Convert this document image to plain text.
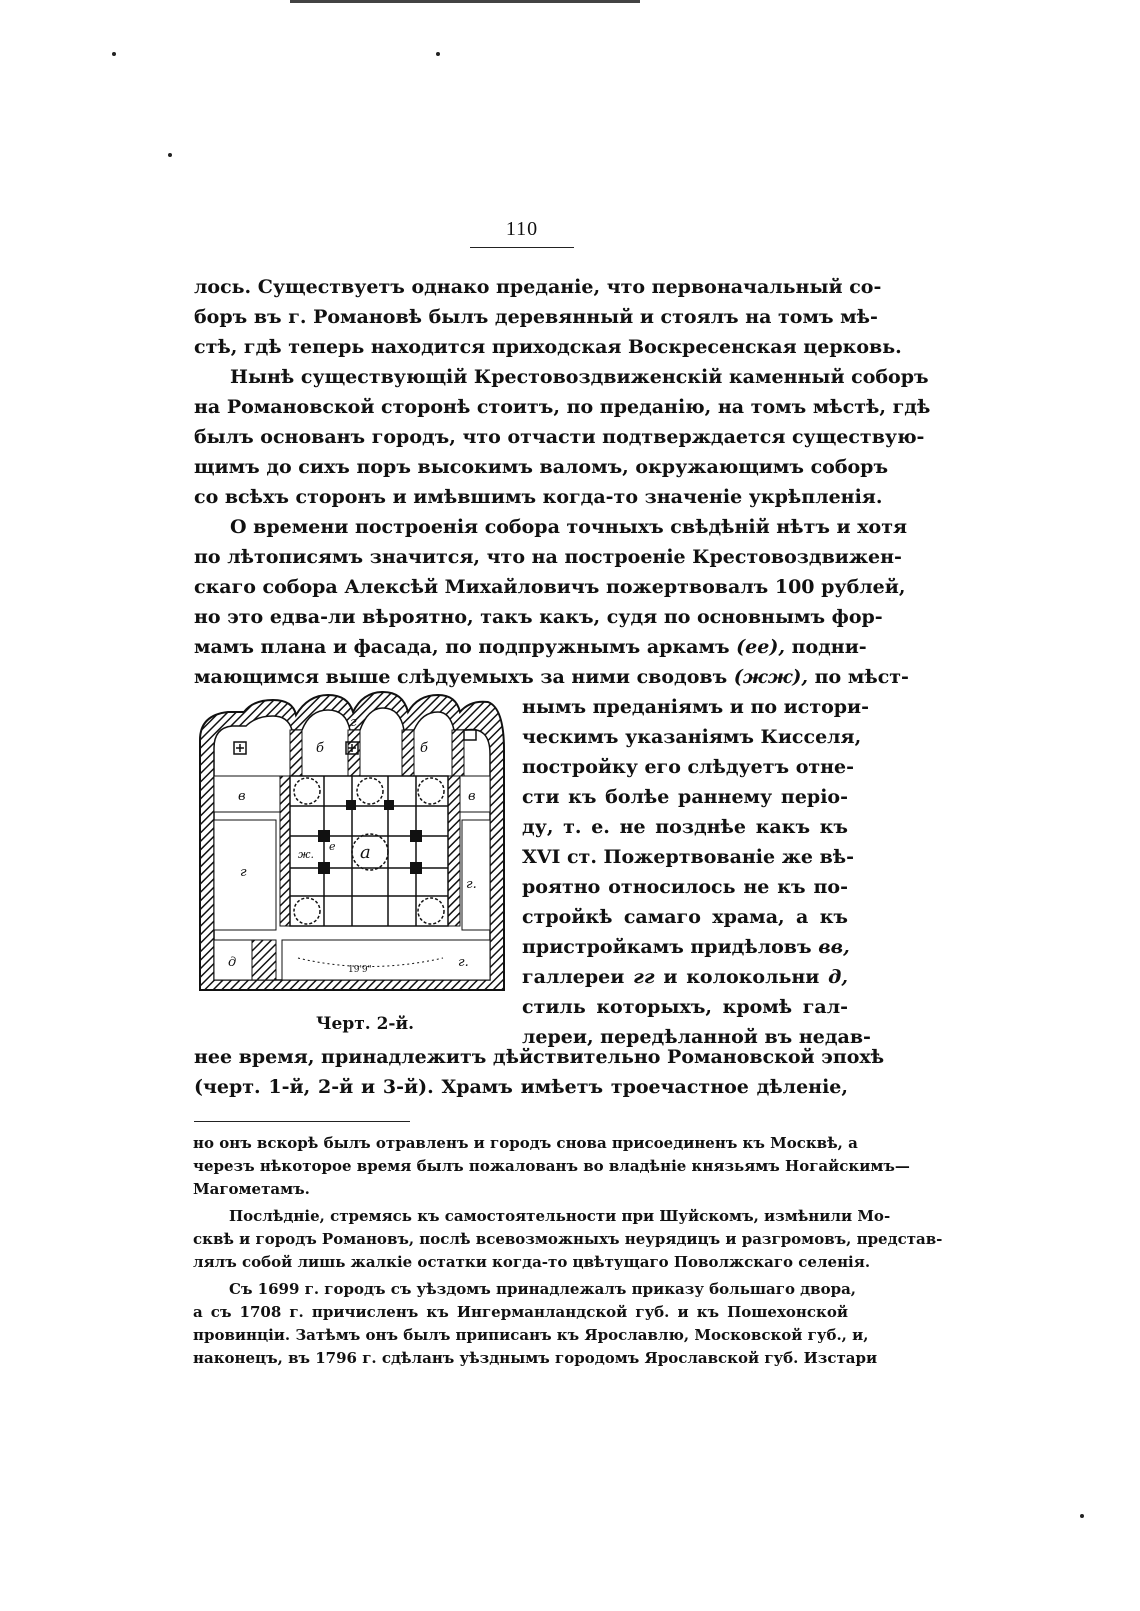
110

лось. Существуетъ однако преданіе, что первоначальный со-
боръ въ г. Романовѣ былъ деревянный и стоялъ на томъ мѣ-
стѣ, гдѣ теперь находится приходская Воскресенская церковь.

Нынѣ существующій Крестовоздвиженскій каменный соборъ
на Романовской сторонѣ стоитъ, по преданію, на томъ мѣстѣ, гдѣ
былъ основанъ городъ, что отчасти подтверждается существую-
щимъ до сихъ поръ высокимъ валомъ, окружающимъ соборъ
со всѣхъ сторонъ и имѣвшимъ когда-то значеніе укрѣпленія.

О времени построенія собора точныхъ свѣдѣній нѣтъ и хотя
по лѣтописямъ значится, что на построеніе Крестовоздвижен-
скаго собора Алексѣй Михайловичъ пожертвовалъ 100 рублей,
но это едва-ли вѣроятно, такъ какъ, судя по основнымъ фор-
мамъ плана и фасада, по подпружнымъ аркамъ (ee), подни-
мающимся выше слѣдуемыхъ за ними сводовъ (жж), по мѣст-

нымъ преданіямъ и по истори-
ческимъ указаніямъ Кисселя,
постройку его слѣдуетъ отне-
сти къ болѣе раннему періо-
ду, т. е. не позднѣе какъ къ
XVI ст. Пожертвованіе же вѣ-
роятно относилось не къ по-
стройкѣ самаго храма, а къ
пристройкамъ придѣловъ вв,
галлереи гг и колокольни д,
стиль которыхъ, кромѣ гал-
лереи, передѣланной въ недав-
г
б	б
в	в
г
г.
г.
д
ж.
е а
19'9"
Черт. 2-й.
нее время, принадлежитъ дѣйствительно Романовской эпохѣ
(черт. 1-й, 2-й и 3-й). Храмъ имѣетъ троечастное дѣленіе,

но онъ вскорѣ былъ отравленъ и городъ снова присоединенъ къ Москвѣ, а
черезъ нѣкоторое время былъ пожалованъ во владѣніе князьямъ Ногайскимъ—
Магометамъ.

Послѣдніе, стремясь къ самостоятельности при Шуйскомъ, измѣнили Мо-
сквѣ и городъ Романовъ, послѣ всевозможныхъ неурядицъ и разгромовъ, представ-
лялъ собой лишь жалкіе остатки когда-то цвѣтущаго Поволжскаго селенія.

Съ 1699 г. городъ съ уѣздомъ принадлежалъ приказу большаго двора,
а съ 1708 г. причисленъ къ Ингерманландской губ. и къ Пошехонской
провинціи. Затѣмъ онъ былъ приписанъ къ Ярославлю, Московской губ., и,
наконецъ, въ 1796 г. сдѣланъ уѣзднымъ городомъ Ярославской губ. Изстари
